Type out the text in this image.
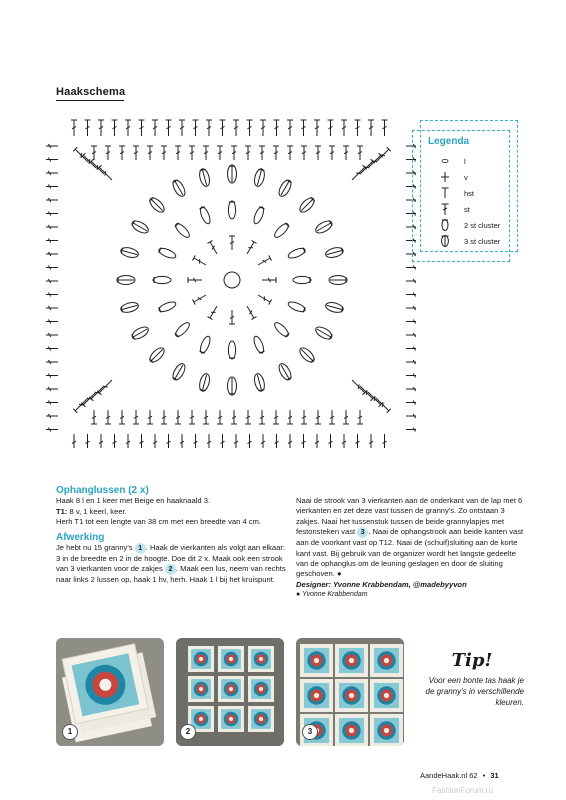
Haakschema
Legenda
l
v
hst
st
2 st cluster
3 st cluster
Ophanglussen (2 x)

Haak 8 l en 1 keer met Beige en haaknaald 3.

T1: 8 v, 1 keerl, keer.

Herh T1 tot een lengte van 38 cm met een breedte van 4 cm.

Afwerking

Je hebt nu 15 granny's 1 . Haak de vierkanten als volgt aan elkaar: 3 in de breedte en 2 in de hoogte. Doe dit 2 x. Maak ook een strook van 3 vierkanten voor de zakjes 2 . Maak een lus, neem van rechts naar links 2 lussen op, haak 1 hv, herh. Haak 1 l bij het kruispunt.

Naai de strook van 3 vierkanten aan de onderkant van de lap met 6 vierkanten en zet deze vast tussen de granny's. Zo ontstaan 3 zakjes. Naai het tussenstuk tussen de beide grannylapjes met festonsteken vast 3 . Naai de ophangstrook aan beide kanten vast aan de voorkant vast op T12. Naai de (schuif)sluiting aan de korte kant vast. Bij gebruik van de organizer wordt het langste gedeelte van de ophanglus om de leuning geslagen en door de sluiting geschoven. ●

Designer: Yvonne Krabbendam, @madebyyvon

● Yvonne Krabbendam

1	2	3
Tip!
Voor een bonte tas haak je de granny's in verschillende kleuren.
AandeHaak.nl 62 • 31
FashionForum.ru
